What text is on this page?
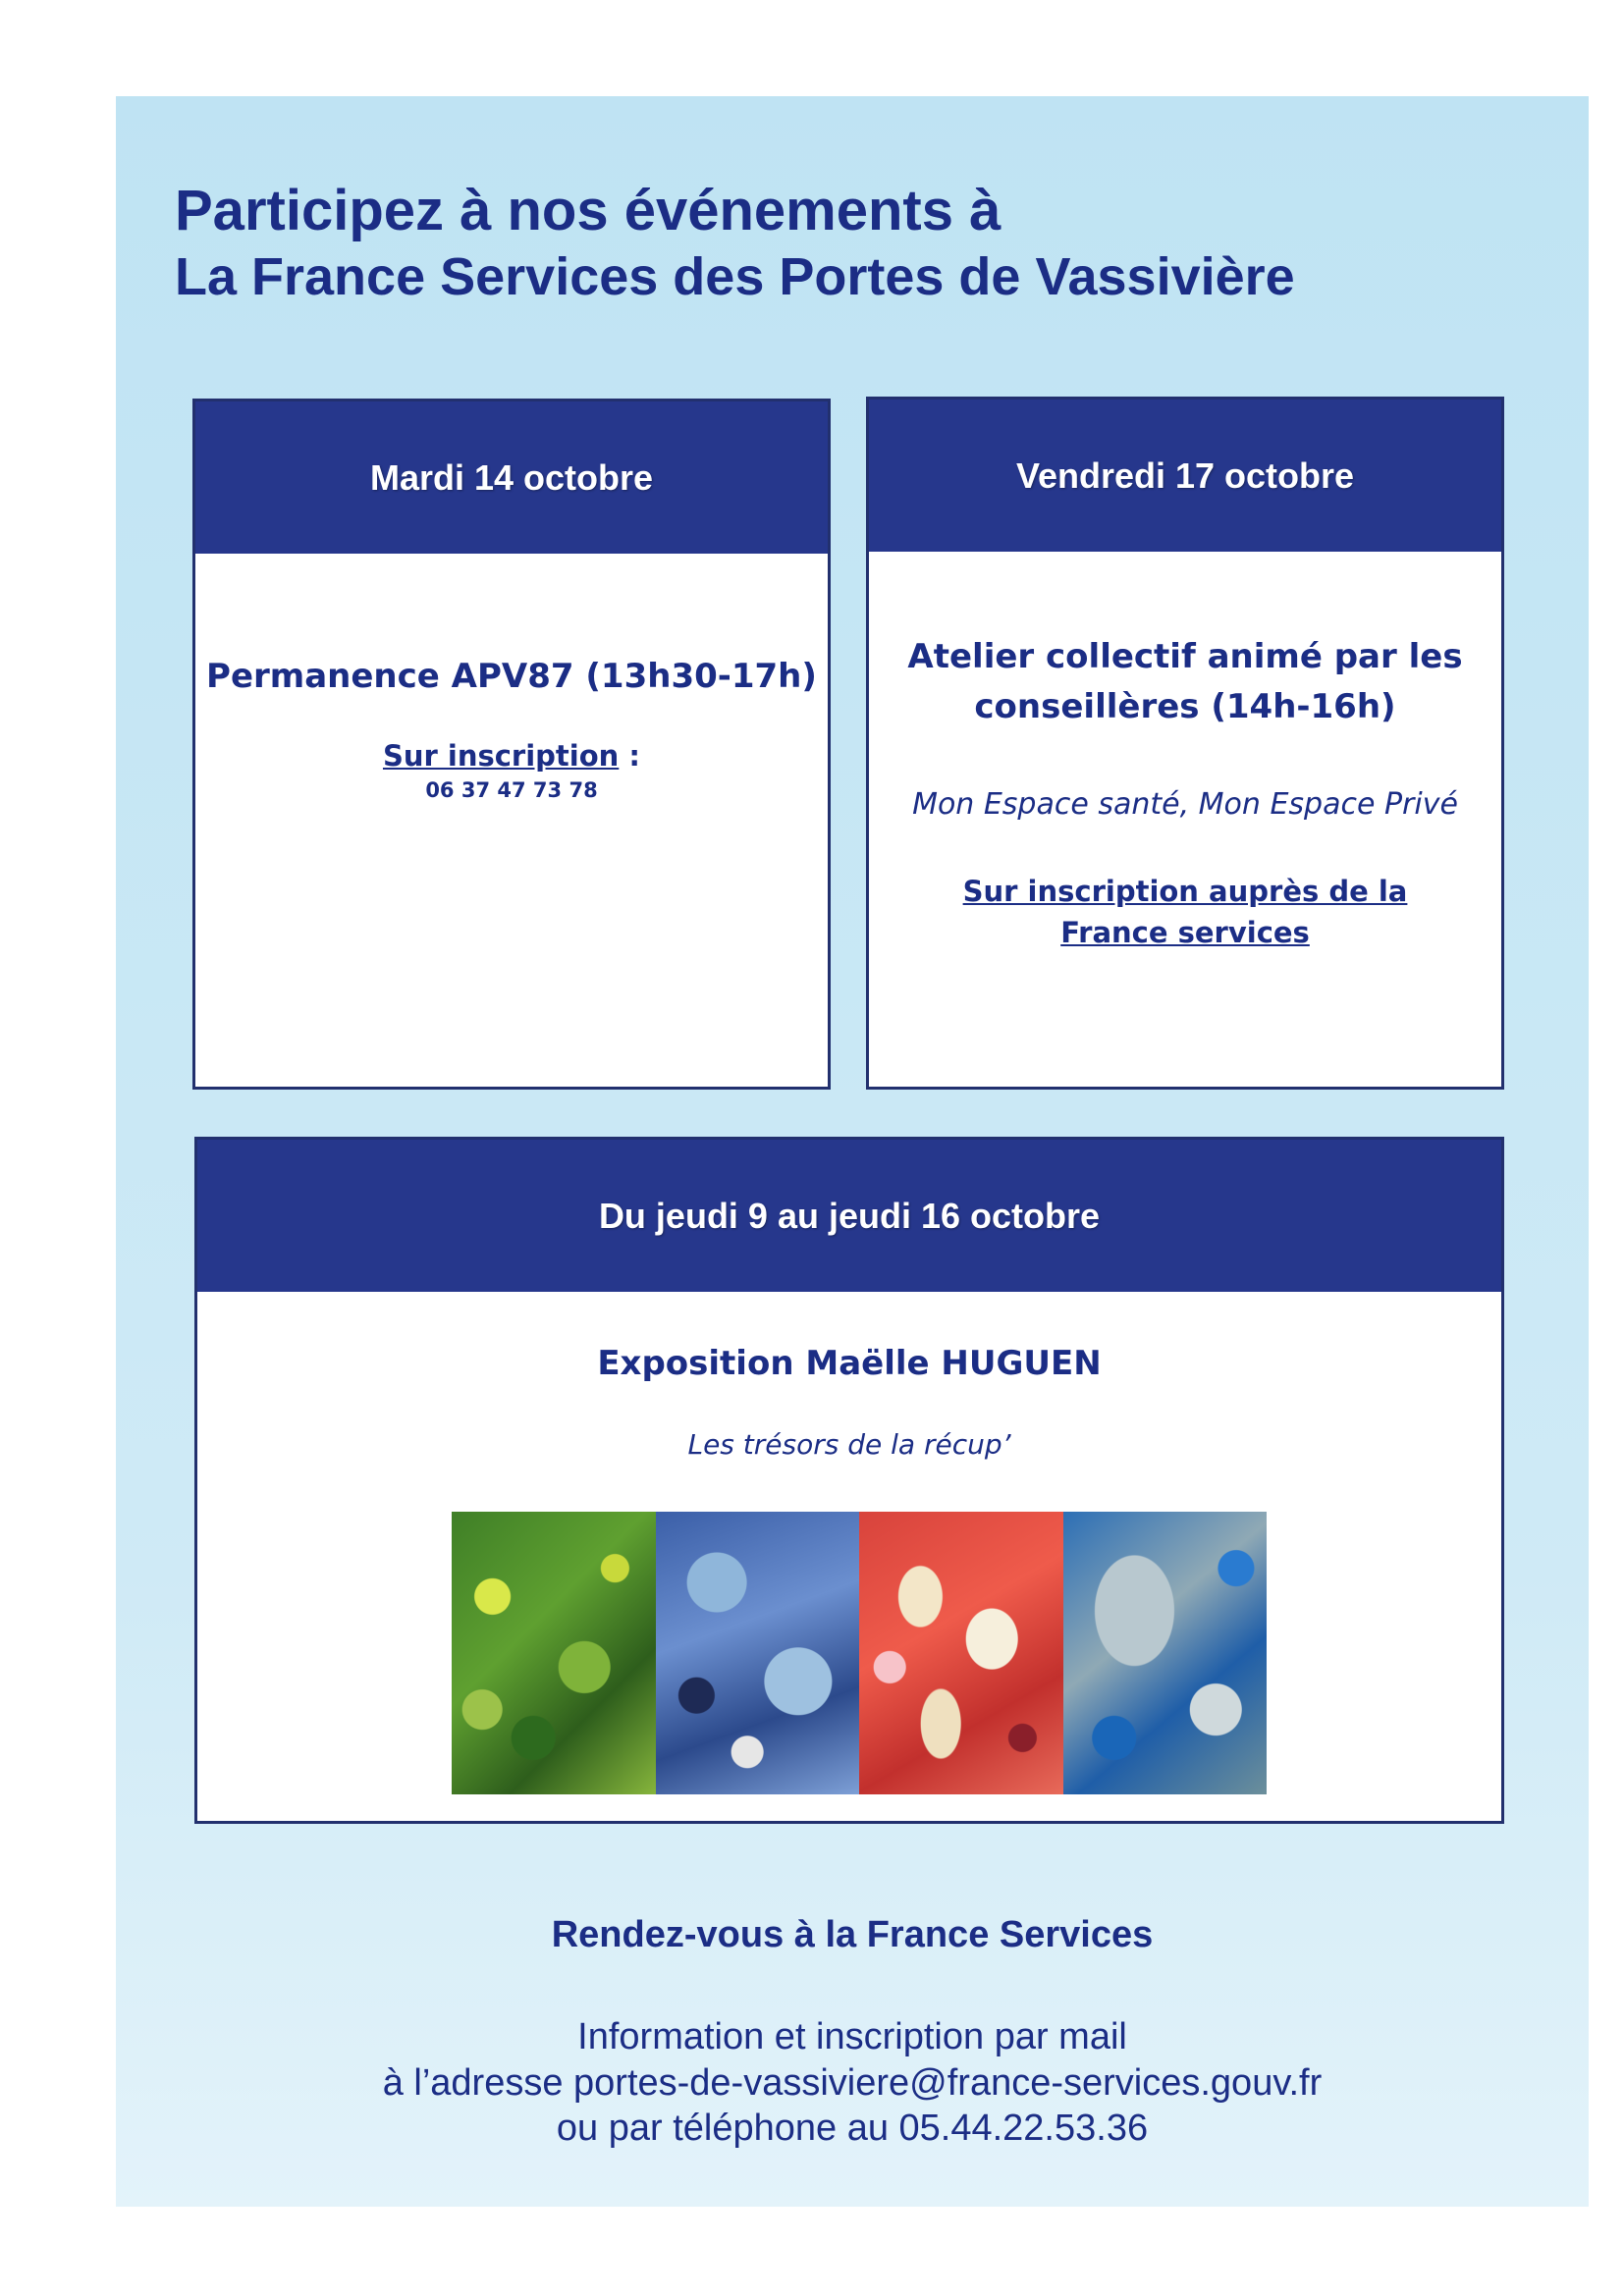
Participez à nos événements à
La France Services des Portes de Vassivière
Mardi 14 octobre
Permanence APV87 (13h30-17h)
Sur inscription :
06 37 47 73 78
Vendredi 17 octobre
Atelier collectif animé par les
conseillères (14h-16h)
Mon Espace santé, Mon Espace Privé
Sur inscription auprès de la
France services
Du jeudi 9 au jeudi 16 octobre
Exposition Maëlle HUGUEN
Les trésors de la récup’
Rendez-vous à la France Services
Information et inscription par mail
à l’adresse portes-de-vassiviere@france-services.gouv.fr
ou par téléphone au 05.44.22.53.36
